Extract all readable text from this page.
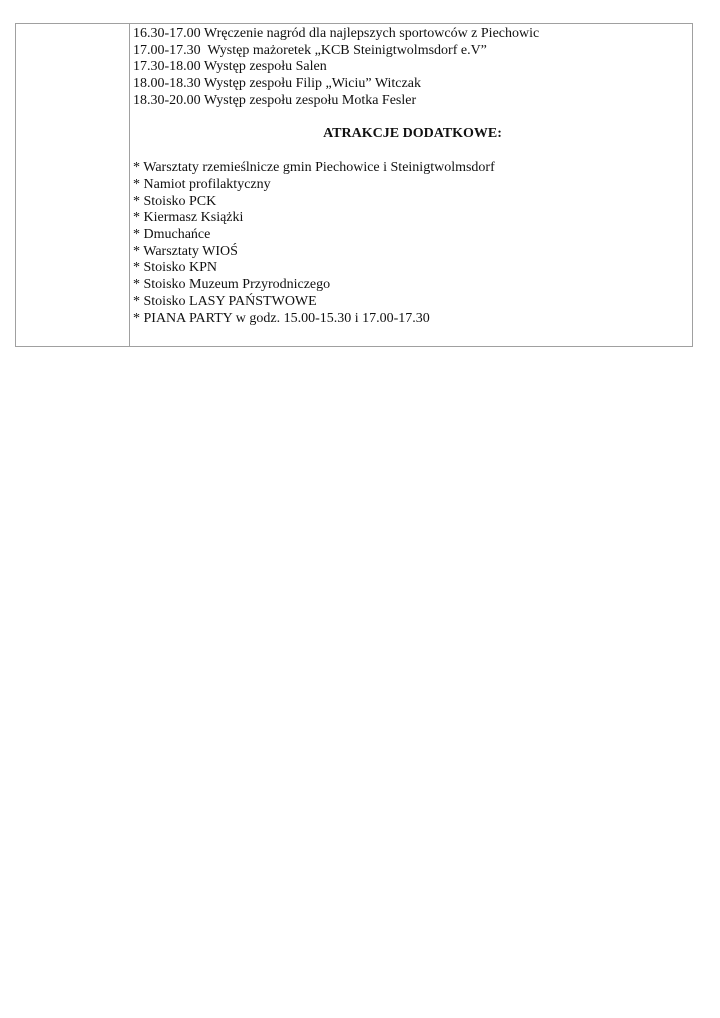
16.30-17.00 Wręczenie nagród dla najlepszych sportowców z Piechowic

17.00-17.30  Występ mażoretek „KCB Steinigtwolmsdorf e.V”

17.30-18.00 Występ zespołu Salen

18.00-18.30 Występ zespołu Filip „Wiciu” Witczak

18.30-20.00 Występ zespołu zespołu Motka Fesler

ATRAKCJE DODATKOWE:

* Warsztaty rzemieślnicze gmin Piechowice i Steinigtwolmsdorf

* Namiot profilaktyczny

* Stoisko PCK

* Kiermasz Książki

* Dmuchańce

* Warsztaty WIOŚ

* Stoisko KPN

* Stoisko Muzeum Przyrodniczego

* Stoisko LASY PAŃSTWOWE

* PIANA PARTY w godz. 15.00-15.30 i 17.00-17.30
